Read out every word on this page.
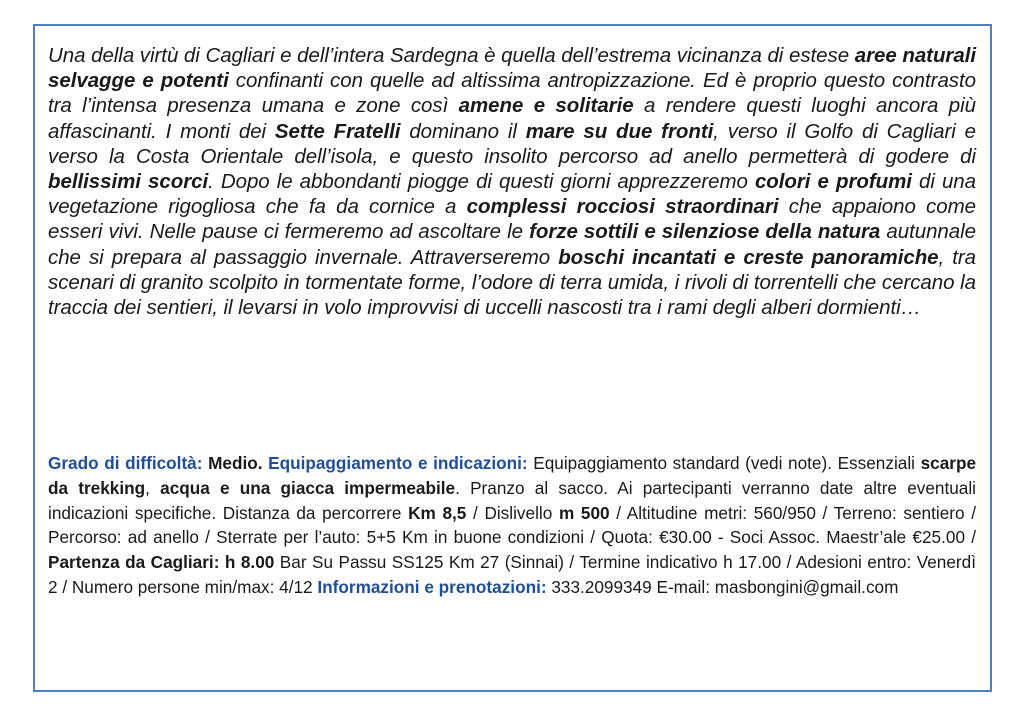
Una della virtù di Cagliari e dell’intera Sardegna è quella dell’estrema vicinanza di estese aree naturali selvagge e potenti confinanti con quelle ad altissima antropizzazione. Ed è proprio questo contrasto tra l’intensa presenza umana e zone così amene e solitarie a rendere questi luoghi ancora più affascinanti. I monti dei Sette Fratelli dominano il mare su due fronti, verso il Golfo di Cagliari e verso la Costa Orientale dell’isola, e questo insolito percorso ad anello permetterà di godere di bellissimi scorci. Dopo le abbondanti piogge di questi giorni apprezzeremo colori e profumi di una vegetazione rigogliosa che fa da cornice a complessi rocciosi straordinari che appaiono come esseri vivi. Nelle pause ci fermeremo ad ascoltare le forze sottili e silenziose della natura autunnale che si prepara al passaggio invernale. Attraverseremo boschi incantati e creste panoramiche, tra scenari di granito scolpito in tormentate forme, l’odore di terra umida, i rivoli di torrentelli che cercano la traccia dei sentieri, il levarsi in volo improvvisi di uccelli nascosti tra i rami degli alberi dormienti…

Grado di difficoltà: Medio. Equipaggiamento e indicazioni: Equipaggiamento standard (vedi note). Essenziali scarpe da trekking, acqua e una giacca impermeabile. Pranzo al sacco. Ai partecipanti verranno date altre eventuali indicazioni specifiche. Distanza da percorrere Km 8,5 / Dislivello m 500 / Altitudine metri: 560/950 / Terreno: sentiero / Percorso: ad anello / Sterrate per l’auto: 5+5 Km in buone condizioni / Quota: €30.00 - Soci Assoc. Maestr’ale €25.00 / Partenza da Cagliari: h 8.00 Bar Su Passu SS125 Km 27 (Sinnai) / Termine indicativo h 17.00 / Adesioni entro: Venerdì 2 / Numero persone min/max: 4/12 Informazioni e prenotazioni: 333.2099349 E-mail: masbongini@gmail.com
